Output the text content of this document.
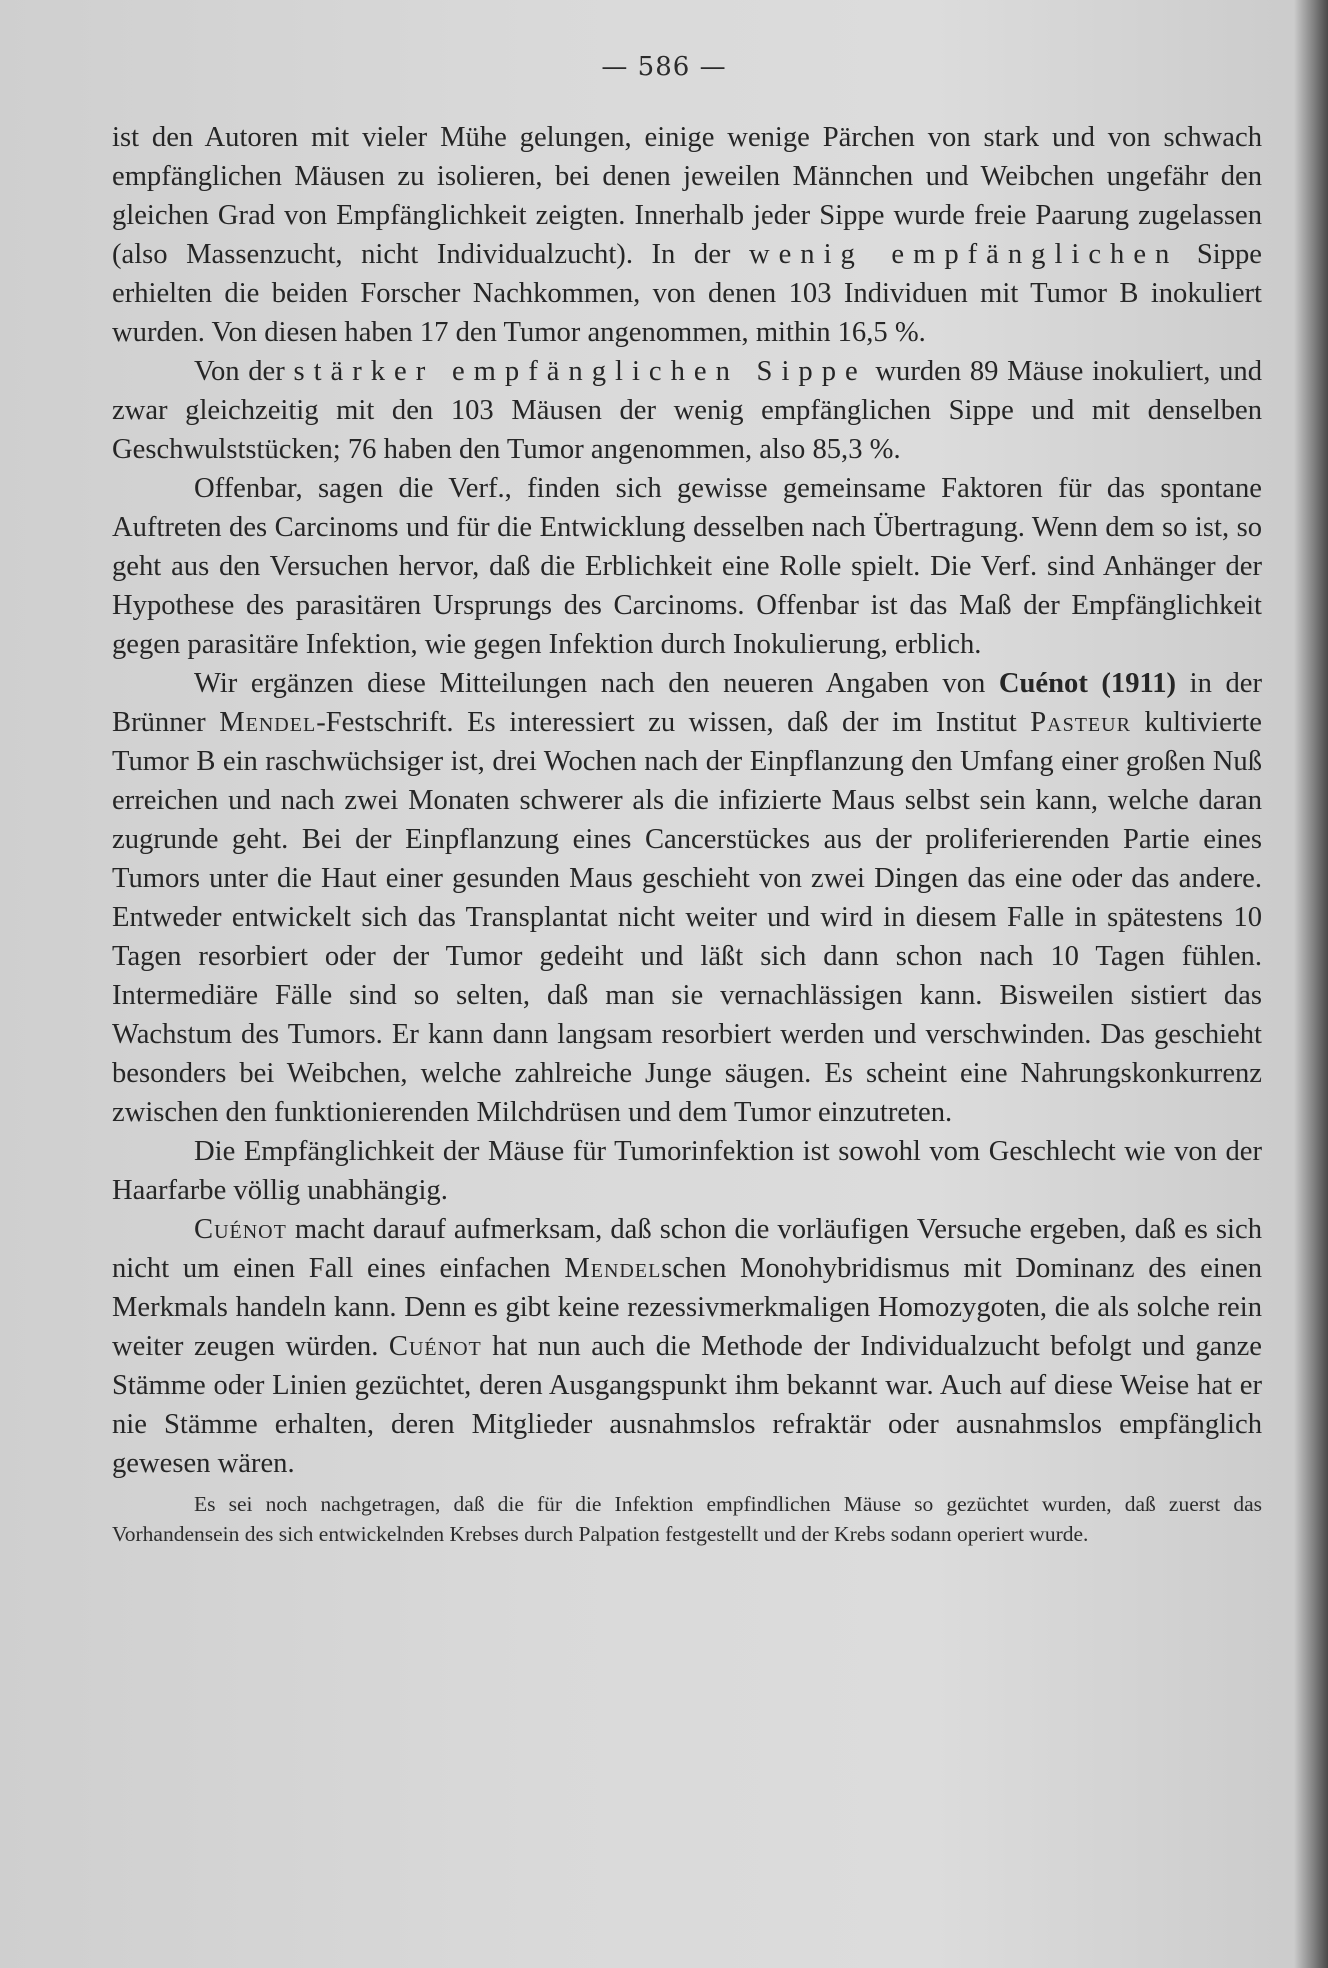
— 586 —

ist den Autoren mit vieler Mühe gelungen, einige wenige Pärchen von stark und von schwach empfänglichen Mäusen zu isolieren, bei denen jeweilen Männchen und Weibchen ungefähr den gleichen Grad von Empfänglichkeit zeigten. Innerhalb jeder Sippe wurde freie Paarung zugelassen (also Massenzucht, nicht Individualzucht). In der wenig empfänglichen Sippe erhielten die beiden Forscher Nachkommen, von denen 103 Individuen mit Tumor B inokuliert wurden. Von diesen haben 17 den Tumor angenommen, mithin 16,5 %.

Von der stärker empfänglichen Sippe wurden 89 Mäuse inokuliert, und zwar gleichzeitig mit den 103 Mäusen der wenig empfänglichen Sippe und mit denselben Geschwulststücken; 76 haben den Tumor angenommen, also 85,3 %.

Offenbar, sagen die Verf., finden sich gewisse gemeinsame Faktoren für das spontane Auftreten des Carcinoms und für die Entwicklung desselben nach Übertragung. Wenn dem so ist, so geht aus den Versuchen hervor, daß die Erblichkeit eine Rolle spielt. Die Verf. sind Anhänger der Hypothese des parasitären Ursprungs des Carcinoms. Offenbar ist das Maß der Empfänglichkeit gegen parasitäre Infektion, wie gegen Infektion durch Inokulierung, erblich.

Wir ergänzen diese Mitteilungen nach den neueren Angaben von Cuénot (1911) in der Brünner Mendel-Festschrift. Es interessiert zu wissen, daß der im Institut Pasteur kultivierte Tumor B ein raschwüchsiger ist, drei Wochen nach der Einpflanzung den Umfang einer großen Nuß erreichen und nach zwei Monaten schwerer als die infizierte Maus selbst sein kann, welche daran zugrunde geht. Bei der Einpflanzung eines Cancerstückes aus der proliferierenden Partie eines Tumors unter die Haut einer gesunden Maus geschieht von zwei Dingen das eine oder das andere. Entweder entwickelt sich das Transplantat nicht weiter und wird in diesem Falle in spätestens 10 Tagen resorbiert oder der Tumor gedeiht und läßt sich dann schon nach 10 Tagen fühlen. Intermediäre Fälle sind so selten, daß man sie vernachlässigen kann. Bisweilen sistiert das Wachstum des Tumors. Er kann dann langsam resorbiert werden und verschwinden. Das geschieht besonders bei Weibchen, welche zahlreiche Junge säugen. Es scheint eine Nahrungskonkurrenz zwischen den funktionierenden Milchdrüsen und dem Tumor einzutreten.

Die Empfänglichkeit der Mäuse für Tumorinfektion ist sowohl vom Geschlecht wie von der Haarfarbe völlig unabhängig.

Cuénot macht darauf aufmerksam, daß schon die vorläufigen Versuche ergeben, daß es sich nicht um einen Fall eines einfachen Mendelschen Monohybridismus mit Dominanz des einen Merkmals handeln kann. Denn es gibt keine rezessivmerkmaligen Homozygoten, die als solche rein weiter zeugen würden. Cuénot hat nun auch die Methode der Individualzucht befolgt und ganze Stämme oder Linien gezüchtet, deren Ausgangspunkt ihm bekannt war. Auch auf diese Weise hat er nie Stämme erhalten, deren Mitglieder ausnahmslos refraktär oder ausnahmslos empfänglich gewesen wären.

Es sei noch nachgetragen, daß die für die Infektion empfindlichen Mäuse so gezüchtet wurden, daß zuerst das Vorhandensein des sich entwickelnden Krebses durch Palpation festgestellt und der Krebs sodann operiert wurde.
